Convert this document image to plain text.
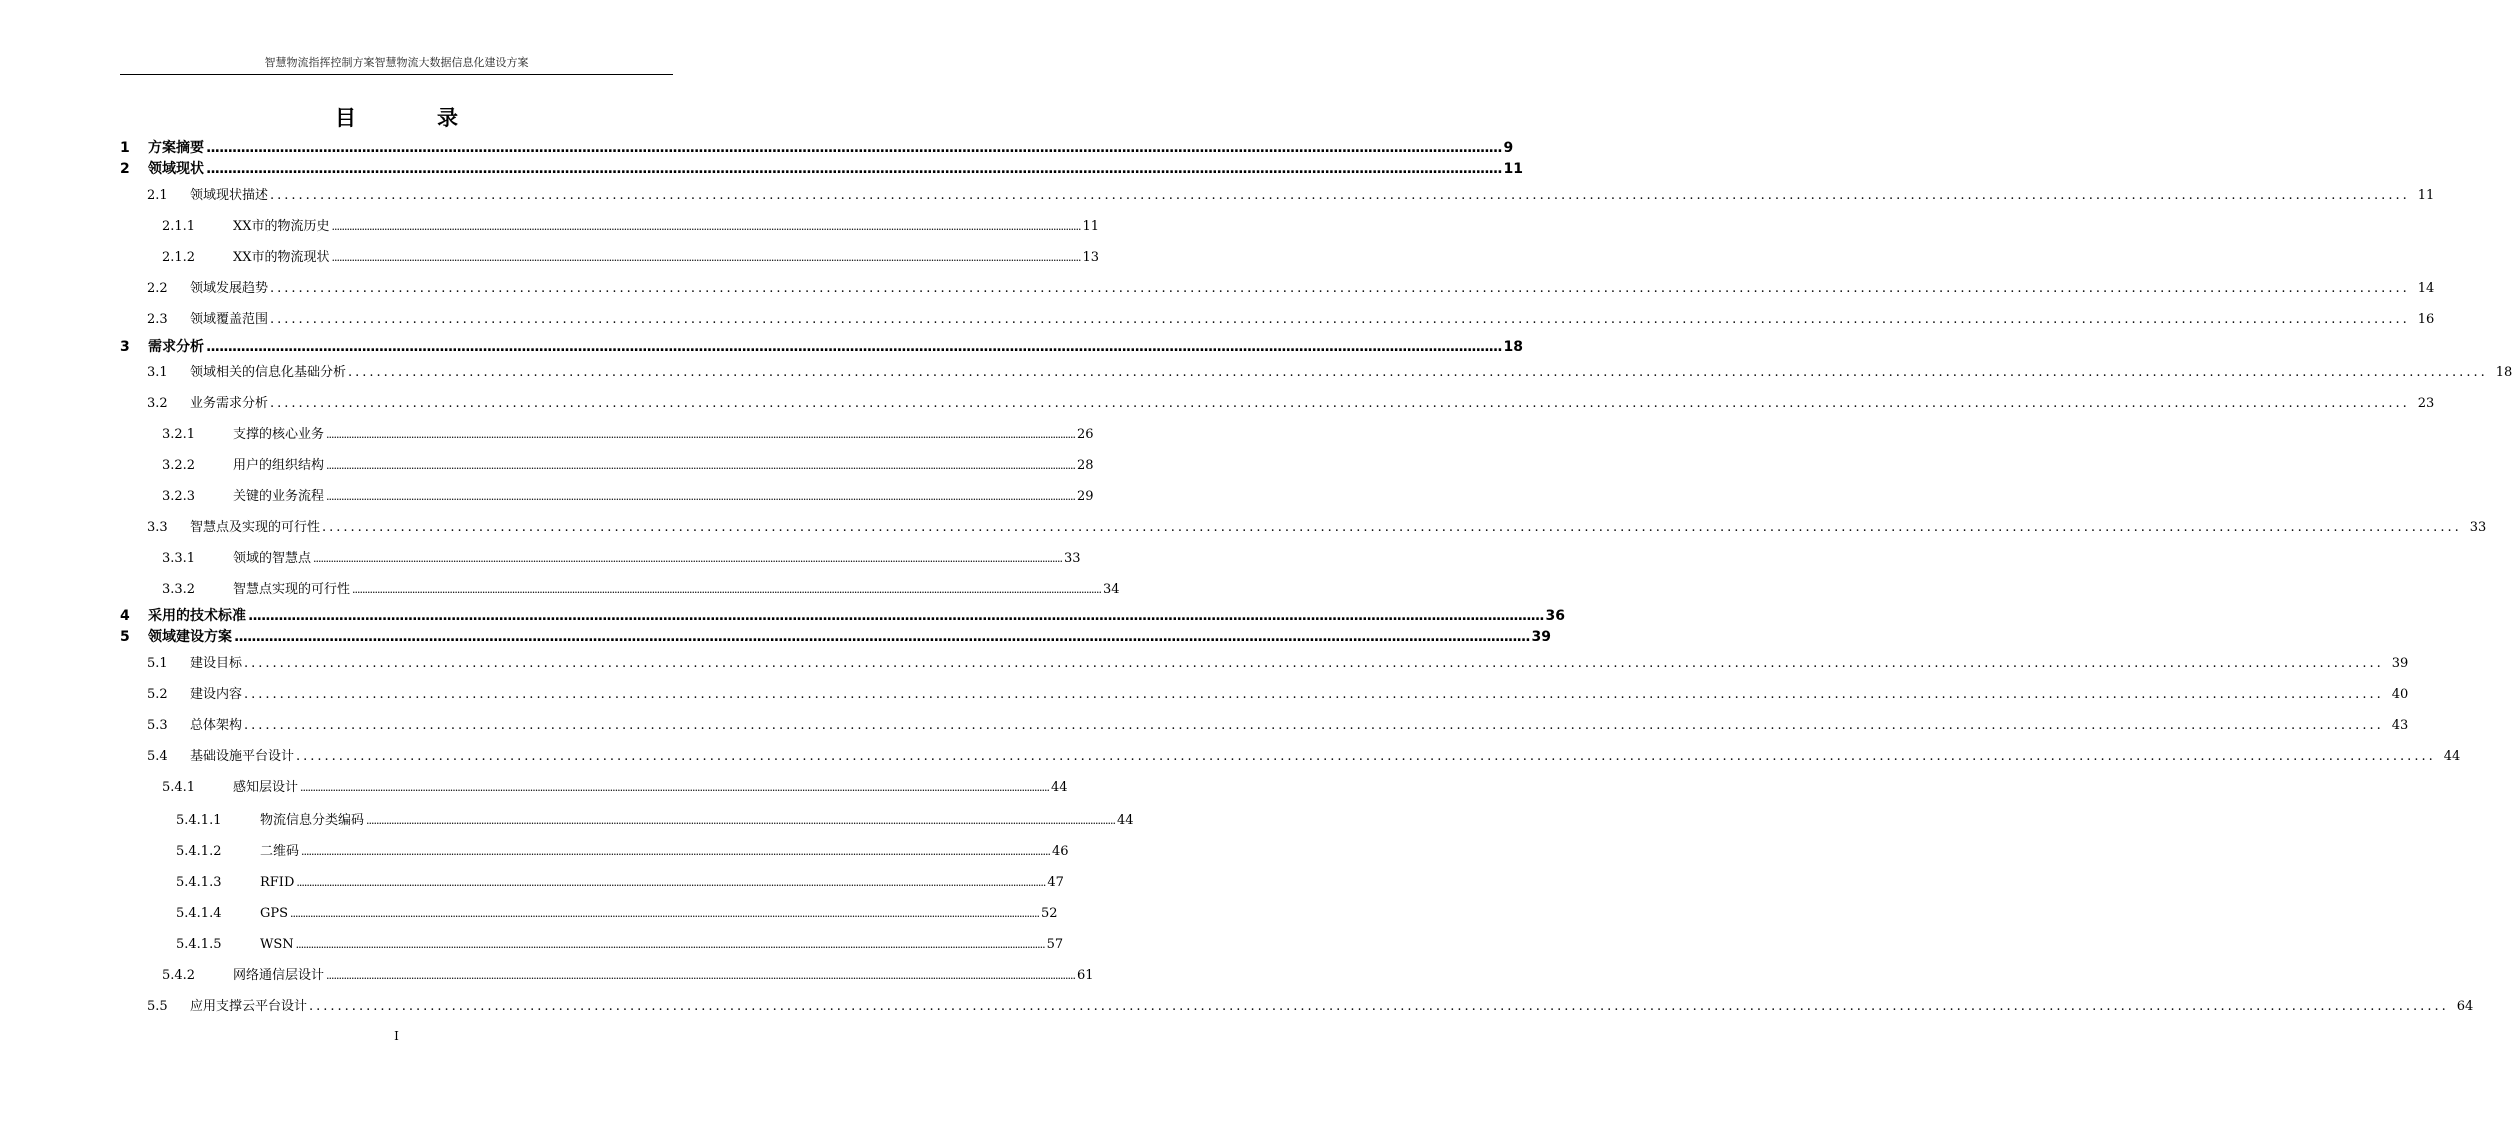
智慧物流指挥控制方案智慧物流大数据信息化建设方案
目　录
1	方案摘要 ............................................................................................................................................................................................................................................................................................................ 9
2	领域现状 ............................................................................................................................................................................................................................................................................................................ 11
2.1	领域现状描述 ............................................................................................................................................................................................................................................................................................................ 11
2.1.1	XX市的物流历史 ............................................................................................................................................................................................................................................................................................................ 11
2.1.2	XX市的物流现状 ............................................................................................................................................................................................................................................................................................................ 13
2.2	领域发展趋势 ............................................................................................................................................................................................................................................................................................................ 14
2.3	领域覆盖范围 ............................................................................................................................................................................................................................................................................................................ 16
3	需求分析 ............................................................................................................................................................................................................................................................................................................ 18
3.1	领域相关的信息化基础分析 ............................................................................................................................................................................................................................................................................................................ 18
3.2	业务需求分析 ............................................................................................................................................................................................................................................................................................................ 23
3.2.1	支撑的核心业务 ............................................................................................................................................................................................................................................................................................................ 26
3.2.2	用户的组织结构 ............................................................................................................................................................................................................................................................................................................ 28
3.2.3	关键的业务流程 ............................................................................................................................................................................................................................................................................................................ 29
3.3	智慧点及实现的可行性 ............................................................................................................................................................................................................................................................................................................ 33
3.3.1	领域的智慧点 ............................................................................................................................................................................................................................................................................................................ 33
3.3.2	智慧点实现的可行性 ............................................................................................................................................................................................................................................................................................................ 34
4	采用的技术标准 ............................................................................................................................................................................................................................................................................................................ 36
5	领域建设方案 ............................................................................................................................................................................................................................................................................................................ 39
5.1	建设目标 ............................................................................................................................................................................................................................................................................................................ 39
5.2	建设内容 ............................................................................................................................................................................................................................................................................................................ 40
5.3	总体架构 ............................................................................................................................................................................................................................................................................................................ 43
5.4	基础设施平台设计 ............................................................................................................................................................................................................................................................................................................ 44
5.4.1	感知层设计 ............................................................................................................................................................................................................................................................................................................ 44
5.4.1.1	物流信息分类编码 ............................................................................................................................................................................................................................................................................................................ 44
5.4.1.2	二维码 ............................................................................................................................................................................................................................................................................................................ 46
5.4.1.3	RFID ............................................................................................................................................................................................................................................................................................................ 47
5.4.1.4	GPS ............................................................................................................................................................................................................................................................................................................ 52
5.4.1.5	WSN ............................................................................................................................................................................................................................................................................................................ 57
5.4.2	网络通信层设计 ............................................................................................................................................................................................................................................................................................................ 61
5.5	应用支撑云平台设计 ............................................................................................................................................................................................................................................................................................................ 64
I
